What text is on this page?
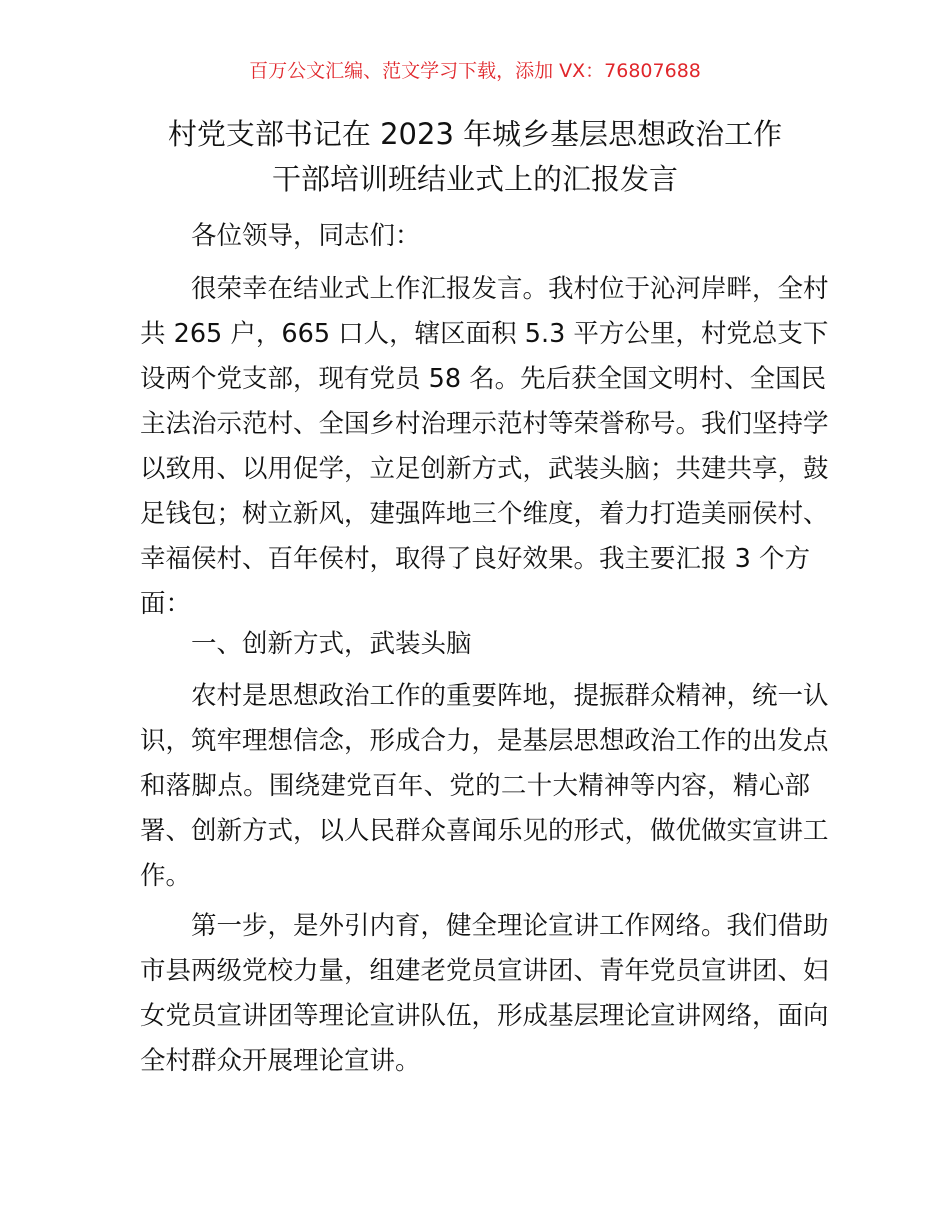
百万公文汇编、范文学习下载，添加 VX：76807688
村党支部书记在 2023 年城乡基层思想政治工作
干部培训班结业式上的汇报发言
各位领导，同志们：
很荣幸在结业式上作汇报发言。我村位于沁河岸畔，全村
共 265 户，665 口人，辖区面积 5.3 平方公里，村党总支下
设两个党支部，现有党员 58 名。先后获全国文明村、全国民
主法治示范村、全国乡村治理示范村等荣誉称号。我们坚持学
以致用、以用促学，立足创新方式，武装头脑；共建共享，鼓
足钱包；树立新风，建强阵地三个维度，着力打造美丽侯村、
幸福侯村、百年侯村，取得了良好效果。我主要汇报 3 个方
面：
一、创新方式，武装头脑
农村是思想政治工作的重要阵地，提振群众精神，统一认
识，筑牢理想信念，形成合力，是基层思想政治工作的出发点
和落脚点。围绕建党百年、党的二十大精神等内容，精心部
署、创新方式，以人民群众喜闻乐见的形式，做优做实宣讲工
作。
第一步，是外引内育，健全理论宣讲工作网络。我们借助
市县两级党校力量，组建老党员宣讲团、青年党员宣讲团、妇
女党员宣讲团等理论宣讲队伍，形成基层理论宣讲网络，面向
全村群众开展理论宣讲。
